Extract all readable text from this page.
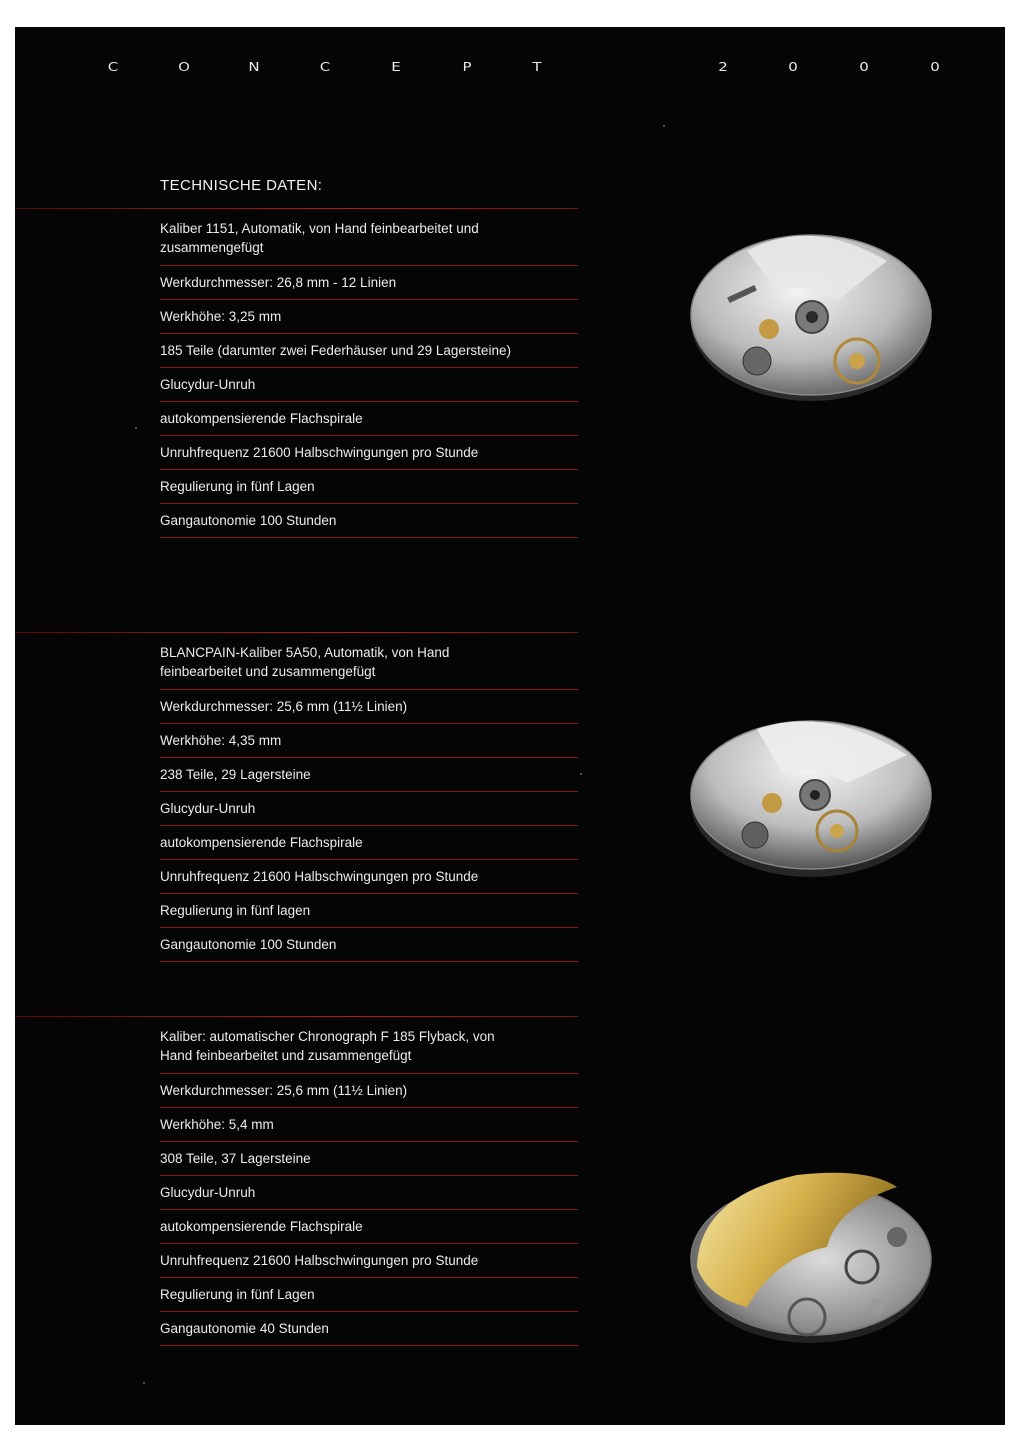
C	O	N	C	E	P	T	2	0	0	0
TECHNISCHE DATEN:
Kaliber 1151, Automatik, von Hand feinbearbeitet und zusammengefügt
Werkdurchmesser: 26,8 mm - 12 Linien
Werkhöhe: 3,25 mm
185 Teile (darumter zwei Federhäuser und 29 Lagersteine)
Glucydur-Unruh
autokompensierende Flachspirale
Unruhfrequenz 21600 Halbschwingungen pro Stunde
Regulierung in fünf Lagen
Gangautonomie 100 Stunden
BLANCPAIN-Kaliber 5A50, Automatik, von Hand feinbearbeitet und zusammengefügt
Werkdurchmesser: 25,6 mm (11½ Linien)
Werkhöhe: 4,35 mm
238 Teile, 29 Lagersteine
Glucydur-Unruh
autokompensierende Flachspirale
Unruhfrequenz 21600 Halbschwingungen pro Stunde
Regulierung in fünf lagen
Gangautonomie 100 Stunden
Kaliber: automatischer Chronograph F 185 Flyback, von Hand feinbearbeitet und zusammengefügt
Werkdurchmesser: 25,6 mm (11½ Linien)
Werkhöhe: 5,4 mm
308 Teile, 37 Lagersteine
Glucydur-Unruh
autokompensierende Flachspirale
Unruhfrequenz 21600 Halbschwingungen pro Stunde
Regulierung in fünf Lagen
Gangautonomie 40 Stunden
